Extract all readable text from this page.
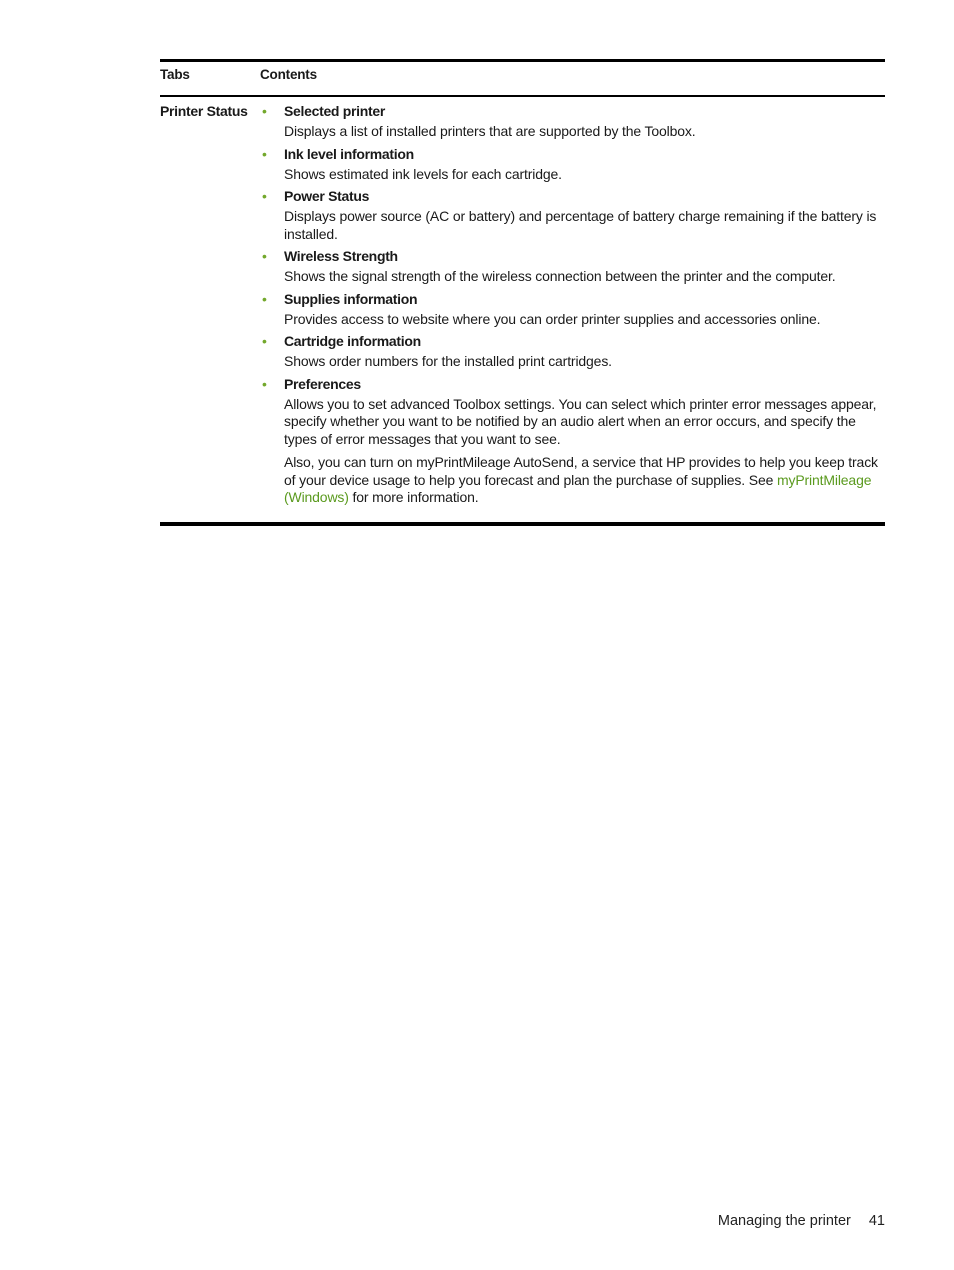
Tabs	Contents
Printer Status	• Selected printer
Displays a list of installed printers that are supported by the Toolbox.
• Ink level information
Shows estimated ink levels for each cartridge.
• Power Status
Displays power source (AC or battery) and percentage of battery charge remaining if the battery is installed.
• Wireless Strength
Shows the signal strength of the wireless connection between the printer and the computer.
• Supplies information
Provides access to website where you can order printer supplies and accessories online.
• Cartridge information
Shows order numbers for the installed print cartridges.
• Preferences
Allows you to set advanced Toolbox settings. You can select which printer error messages appear, specify whether you want to be notified by an audio alert when an error occurs, and specify the types of error messages that you want to see.
Also, you can turn on myPrintMileage AutoSend, a service that HP provides to help you keep track of your device usage to help you forecast and plan the purchase of supplies. See myPrintMileage (Windows) for more information.
Managing the printer 41
